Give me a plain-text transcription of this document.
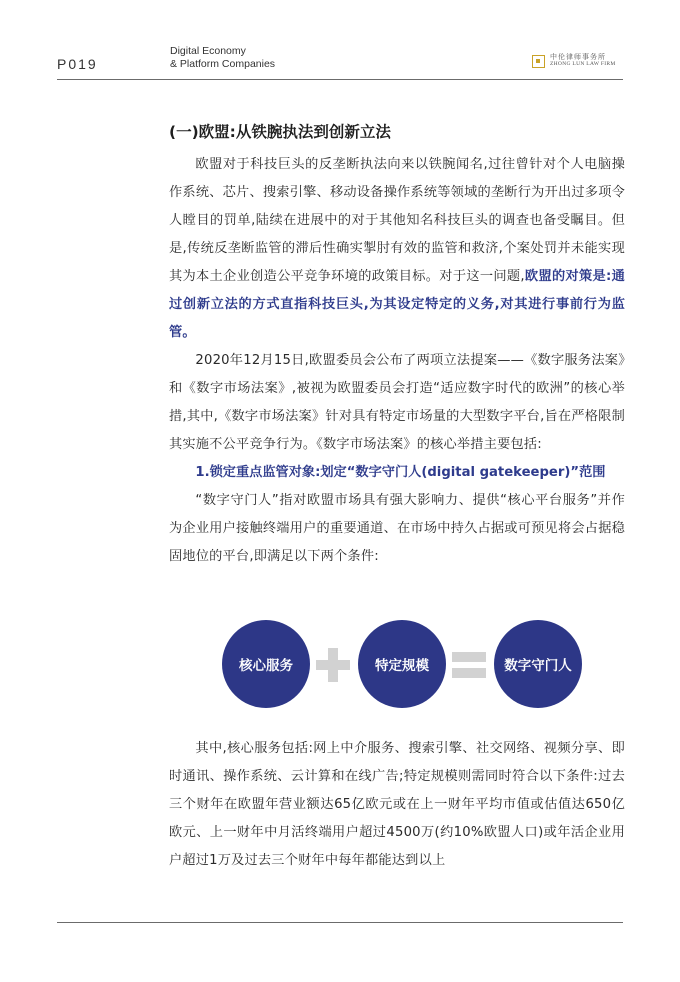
P019
Digital Economy
& Platform Companies
中伦律师事务所
ZHONG LUN LAW FIRM
(一)欧盟:从铁腕执法到创新立法

欧盟对于科技巨头的反垄断执法向来以铁腕闻名,过往曾针对个人电脑操作系统、芯片、搜索引擎、移动设备操作系统等领域的垄断行为开出过多项令人瞠目的罚单,陆续在进展中的对于其他知名科技巨头的调查也备受瞩目。但是,传统反垄断监管的滞后性确实掣肘有效的监管和救济,个案处罚并未能实现其为本土企业创造公平竞争环境的政策目标。对于这一问题,欧盟的对策是:通过创新立法的方式直指科技巨头,为其设定特定的义务,对其进行事前行为监管。

2020年12月15日,欧盟委员会公布了两项立法提案——《数字服务法案》和《数字市场法案》,被视为欧盟委员会打造“适应数字时代的欧洲”的核心举措,其中,《数字市场法案》针对具有特定市场量的大型数字平台,旨在严格限制其实施不公平竞争行为。《数字市场法案》的核心举措主要包括:

1.锁定重点监管对象:划定“数字守门人(digital gatekeeper)”范围

“数字守门人”指对欧盟市场具有强大影响力、提供“核心平台服务”并作为企业用户接触终端用户的重要通道、在市场中持久占据或可预见将会占据稳固地位的平台,即满足以下两个条件:

核心服务	特定规模	数字守门人

其中,核心服务包括:网上中介服务、搜索引擎、社交网络、视频分享、即时通讯、操作系统、云计算和在线广告;特定规模则需同时符合以下条件:过去三个财年在欧盟年营业额达65亿欧元或在上一财年平均市值或估值达650亿欧元、上一财年中月活终端用户超过4500万(约10%欧盟人口)或年活企业用户超过1万及过去三个财年中每年都能达到以上
